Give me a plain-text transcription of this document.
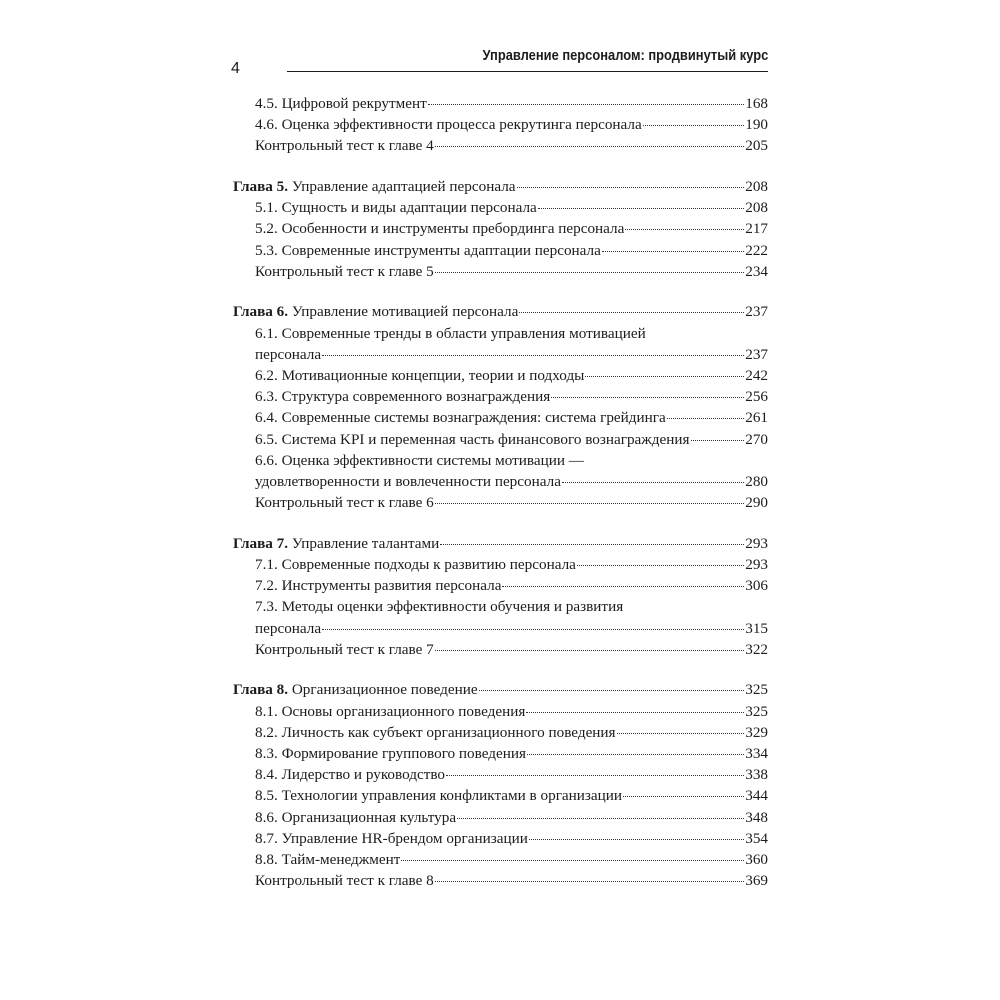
4
Управление персоналом: продвинутый курс
4.5. Цифровой рекрутмент	168
4.6. Оценка эффективности процесса рекрутинга персонала	190
Контрольный тест к главе 4	205
Глава 5. Управление адаптацией персонала	208
5.1. Сущность и виды адаптации персонала	208
5.2. Особенности и инструменты пребординга персонала	217
5.3. Современные инструменты адаптации персонала	222
Контрольный тест к главе 5	234
Глава 6. Управление мотивацией персонала	237
6.1. Современные тренды в области управления мотивацией
персонала	237
6.2. Мотивационные концепции, теории и подходы	242
6.3. Структура современного вознаграждения	256
6.4. Современные системы вознаграждения: система грейдинга	261
6.5. Система KPI и переменная часть финансового вознаграждения	270
6.6. Оценка эффективности системы мотивации —
удовлетворенности и вовлеченности персонала	280
Контрольный тест к главе 6	290
Глава 7. Управление талантами	293
7.1. Современные подходы к развитию персонала	293
7.2. Инструменты развития персонала	306
7.3. Методы оценки эффективности обучения и развития
персонала	315
Контрольный тест к главе 7	322
Глава 8. Организационное поведение	325
8.1. Основы организационного поведения	325
8.2. Личность как субъект организационного поведения	329
8.3. Формирование группового поведения	334
8.4. Лидерство и руководство	338
8.5. Технологии управления конфликтами в организации	344
8.6. Организационная культура	348
8.7. Управление HR-брендом организации	354
8.8. Тайм-менеджмент	360
Контрольный тест к главе 8	369
